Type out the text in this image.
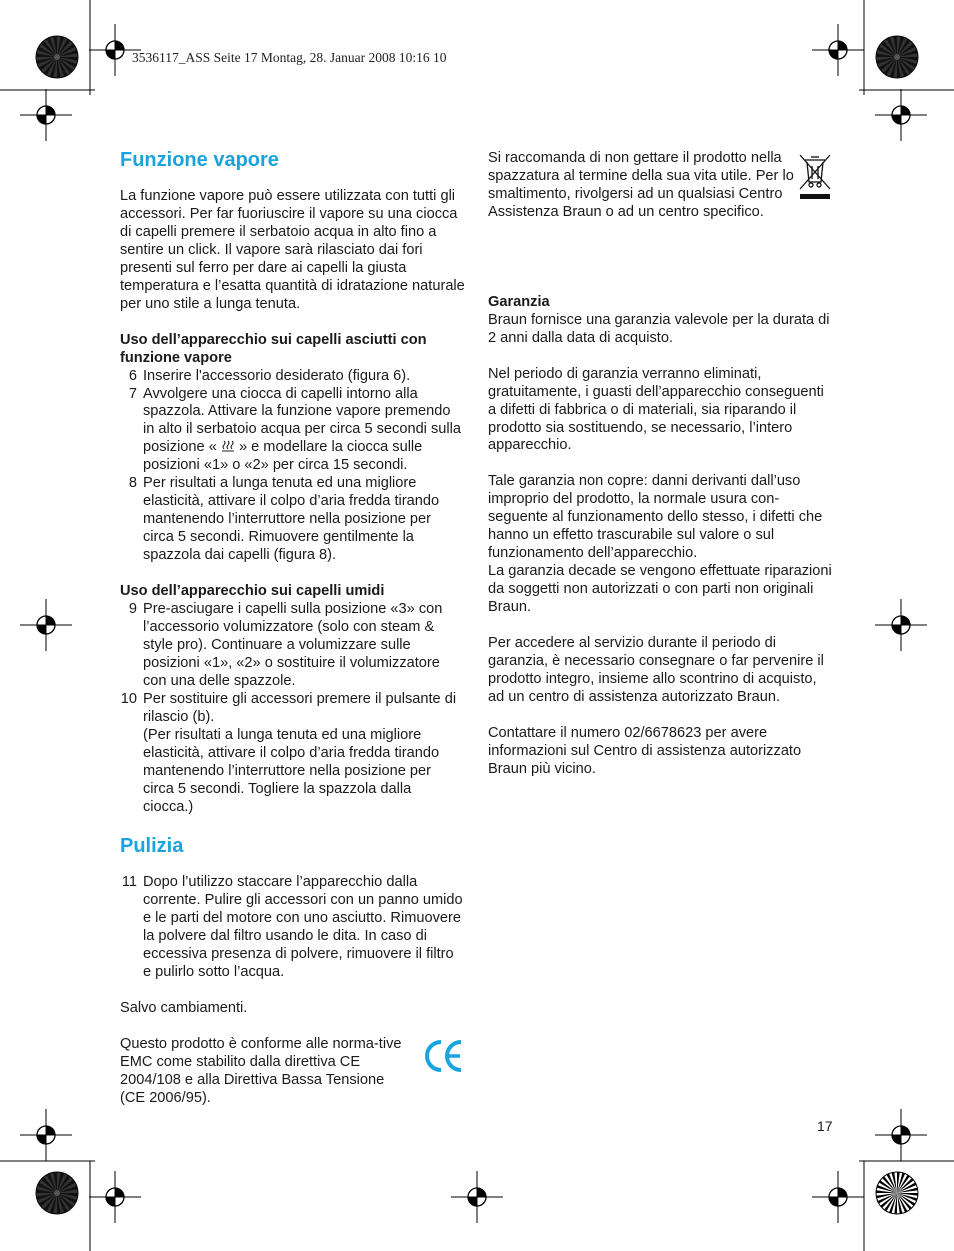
3536117_ASS Seite 17 Montag, 28. Januar 2008 10:16 10
Funzione vapore

La funzione vapore può essere utilizzata con tutti gli accessori. Per far fuoriuscire il vapore su una ciocca di capelli premere il serbatoio acqua in alto fino a sentire un click. Il vapore sarà rilasciato dai fori presenti sul ferro per dare ai capelli la giusta temperatura e l’esatta quantità di idratazione naturale per uno stile a lunga tenuta.

Uso dell’apparecchio sui capelli asciutti con funzione vapore

6 Inserire l'accessorio desiderato (figura 6).
7 Avvolgere una ciocca di capelli intorno alla spazzola. Attivare la funzione vapore premendo in alto il serbatoio acqua per circa 5 secondi sulla posizione « » e modellare la ciocca sulle posizioni «1» o «2» per circa 15 secondi.
8 Per risultati a lunga tenuta ed una migliore elasticità, attivare il colpo d’aria fredda tirando mantenendo l’interruttore nella posizione per circa 5 secondi. Rimuovere gentilmente la spazzola dai capelli (figura 8).

Uso dell’apparecchio sui capelli umidi

9 Pre-asciugare i capelli sulla posizione «3» con l’accessorio volumizzatore (solo con steam & style pro). Continuare a volumizzare sulle posizioni «1», «2» o sostituire il volumizzatore con una delle spazzole.
10 Per sostituire gli accessori premere il pulsante di rilascio (b).
(Per risultati a lunga tenuta ed una migliore elasticità, attivare il colpo d’aria fredda tirando mantenendo l’interruttore nella posizione per circa 5 secondi. Togliere la spazzola dalla ciocca.)
Pulizia
11 Dopo l’utilizzo staccare l’apparecchio dalla corrente. Pulire gli accessori con un panno umido e le parti del motore con uno asciutto. Rimuovere la polvere dal filtro usando le dita. In caso di eccessiva presenza di polvere, rimuovere il filtro e pulirlo sotto l’acqua.

Salvo cambiamenti.

Questo prodotto è conforme alle norma-tive EMC come stabilito dalla direttiva CE 2004/108 e alla Direttiva Bassa Tensione (CE 2006/95).

Si raccomanda di non gettare il prodotto nella spazzatura al termine della sua vita utile. Per lo smaltimento, rivolgersi ad un qualsiasi Centro Assistenza Braun o ad un centro specifico.

Garanzia

Braun fornisce una garanzia valevole per la durata di 2 anni dalla data di acquisto.

Nel periodo di garanzia verranno eliminati, gratuitamente, i guasti dell’apparecchio conseguenti a difetti di fabbrica o di materiali, sia riparando il prodotto sia sostituendo, se necessario, l’intero apparecchio.

Tale garanzia non copre: danni derivanti dall’uso improprio del prodotto, la normale usura con-seguente al funzionamento dello stesso, i difetti che hanno un effetto trascurabile sul valore o sul funzionamento dell’apparecchio.

La garanzia decade se vengono effettuate riparazioni da soggetti non autorizzati o con parti non originali Braun.

Per accedere al servizio durante il periodo di garanzia, è necessario consegnare o far pervenire il prodotto integro, insieme allo scontrino di acquisto, ad un centro di assistenza autorizzato Braun.

Contattare il numero 02/6678623 per avere informazioni sul Centro di assistenza autorizzato Braun più vicino.

17
